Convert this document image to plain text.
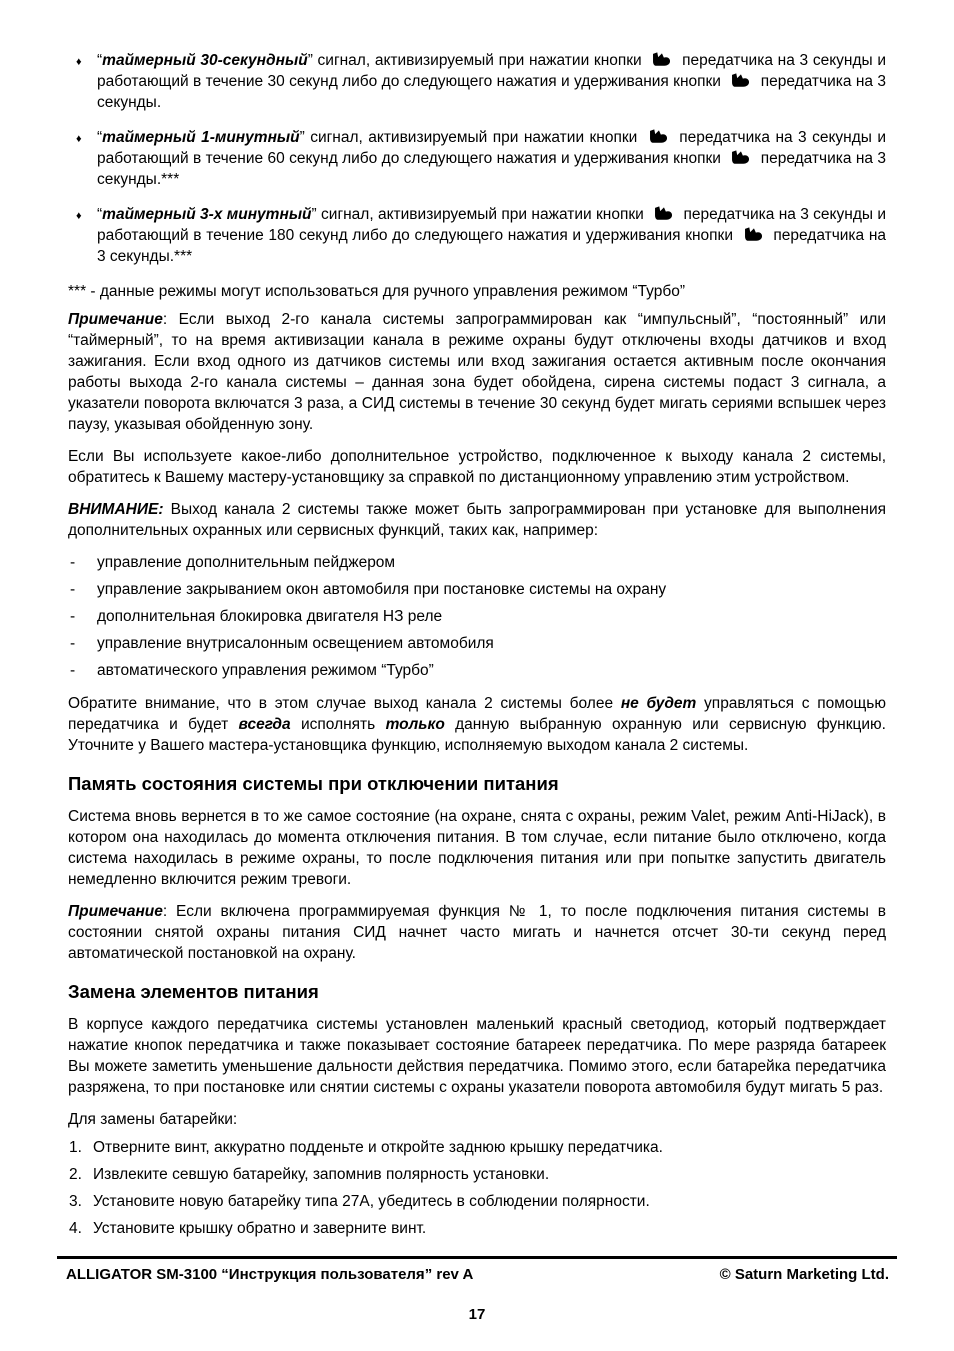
♦ “таймерный 30-секундный” сигнал, активизируемый при нажатии кнопки	передатчика на 3 секунды и работающий в течение 30 секунд либо до следующего нажатия и удерживания кнопки	передатчика на 3 секунды.
♦ “таймерный 1-минутный” сигнал, активизируемый при нажатии кнопки	передатчика на 3 секунды и работающий в течение 60 секунд либо до следующего нажатия и удерживания кнопки	передатчика на 3 секунды.***
♦ “таймерный 3-х минутный” сигнал, активизируемый при нажатии кнопки	передатчика на 3 секунды и работающий в течение 180 секунд либо до следующего нажатия и удерживания кнопки	передатчика на 3 секунды.***

*** - данные режимы могут использоваться для ручного управления режимом “Турбо”

Примечание: Если выход 2-го канала системы запрограммирован как “импульсный”, “постоянный” или “таймерный”, то на время активизации канала в режиме охраны будут отключены входы датчиков и вход зажигания. Если вход одного из датчиков системы или вход зажигания остается активным после окончания работы выхода 2-го канала системы – данная зона будет обойдена, сирена системы подаст 3 сигнала, а указатели поворота включатся 3 раза, а СИД системы в течение 30 секунд будет мигать сериями вспышек через паузу, указывая обойденную зону.

Если Вы используете какое-либо дополнительное устройство, подключенное к выходу канала 2 системы, обратитесь к Вашему мастеру-установщику за справкой по дистанционному управлению этим устройством.

ВНИМАНИЕ: Выход канала 2 системы также может быть запрограммирован при установке для выполнения дополнительных охранных или сервисных функций, таких как, например:

- управление дополнительным пейджером
- управление закрыванием окон автомобиля при постановке системы на охрану
- дополнительная блокировка двигателя НЗ реле
- управление внутрисалонным освещением автомобиля
- автоматического управления режимом “Турбо”

Обратите внимание, что в этом случае выход канала 2 системы более не будет управляться с помощью передатчика и будет всегда исполнять только данную выбранную охранную или сервисную функцию. Уточните у Вашего мастера-установщика функцию, исполняемую выходом канала 2 системы.

Память состояния системы при отключении питания

Система вновь вернется в то же самое состояние (на охране, снята с охраны, режим Valet, режим Anti-HiJack), в котором она находилась до момента отключения питания. В том случае, если питание было отключено, когда система находилась в режиме охраны, то после подключения питания или при попытке запустить двигатель немедленно включится режим тревоги.

Примечание: Если включена программируемая функция № 1, то после подключения питания системы в состоянии снятой охраны питания СИД начнет часто мигать и начнется отсчет 30-ти секунд перед автоматической постановкой на охрану.

Замена элементов питания

В корпусе каждого передатчика системы установлен маленький красный светодиод, который подтверждает нажатие кнопок передатчика и также показывает состояние батареек передатчика. По мере разряда батареек Вы можете заметить уменьшение дальности действия передатчика. Помимо этого, если батарейка передатчика разряжена, то при постановке или снятии системы с охраны указатели поворота автомобиля будут мигать 5 раз.

Для замены батарейки:

1. Отверните винт, аккуратно подденьте и откройте заднюю крышку передатчика.
2. Извлеките севшую батарейку, запомнив полярность установки.
3. Установите новую батарейку типа 27А, убедитесь в соблюдении полярности.
4. Установите крышку обратно и заверните винт.
ALLIGATOR SM-3100 “Инструкция пользователя” rev A	© Saturn Marketing Ltd.
17
